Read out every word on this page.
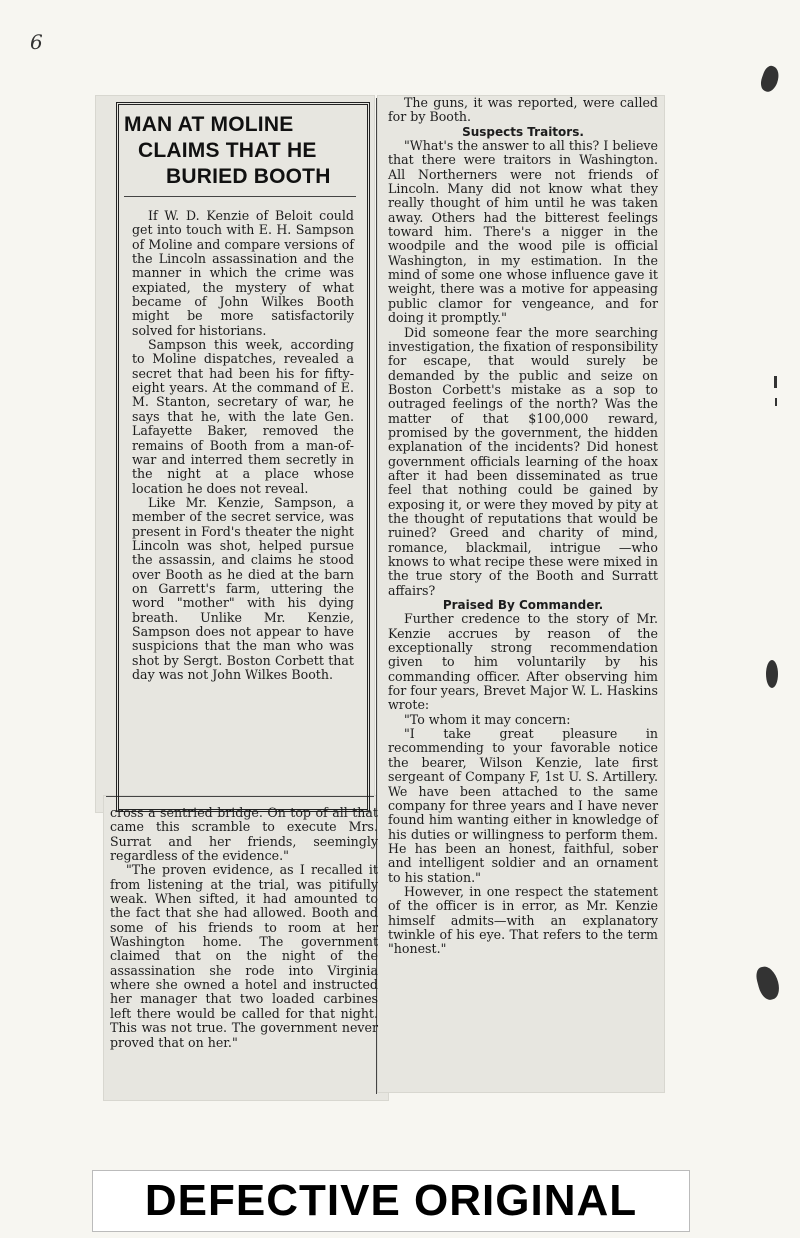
6
MAN AT MOLINE
CLAIMS THAT HE
BURIED BOOTH

If W. D. Kenzie of Beloit could get into touch with E. H. Sampson of Moline and compare versions of the Lincoln assassination and the manner in which the crime was expiated, the mystery of what became of John Wilkes Booth might be more satisfactorily solved for historians.

Sampson this week, according to Moline dispatches, revealed a secret that had been his for fifty-eight years. At the command of E. M. Stanton, secretary of war, he says that he, with the late Gen. Lafayette Baker, removed the remains of Booth from a man-of-war and interred them secretly in the night at a place whose location he does not reveal.

Like Mr. Kenzie, Sampson, a member of the secret service, was present in Ford's theater the night Lincoln was shot, helped pursue the assassin, and claims he stood over Booth as he died at the barn on Garrett's farm, uttering the word "mother" with his dying breath. Unlike Mr. Kenzie, Sampson does not appear to have suspicions that the man who was shot by Sergt. Boston Corbett that day was not John Wilkes Booth.

cross a sentried bridge. On top of all that came this scramble to execute Mrs. Surrat and her friends, seemingly regardless of the evidence."

"The proven evidence, as I recalled it from listening at the trial, was pitifully weak. When sifted, it had amounted to the fact that she had allowed. Booth and some of his friends to room at her Washington home. The government claimed that on the night of the assassination she rode into Virginia where she owned a hotel and instructed her manager that two loaded carbines left there would be called for that night. This was not true. The government never proved that on her."

The guns, it was reported, were called for by Booth.

Suspects Traitors.

"What's the answer to all this? I believe that there were traitors in Washington. All Northerners were not friends of Lincoln. Many did not know what they really thought of him until he was taken away. Others had the bitterest feelings toward him. There's a nigger in the woodpile and the wood pile is official Washington, in my estimation. In the mind of some one whose influence gave it weight, there was a motive for appeasing public clamor for vengeance, and for doing it promptly."

Did someone fear the more searching investigation, the fixation of responsibility for escape, that would surely be demanded by the public and seize on Boston Corbett's mistake as a sop to outraged feelings of the north? Was the matter of that $100,000 reward, promised by the government, the hidden explanation of the incidents? Did honest government officials learning of the hoax after it had been disseminated as true feel that nothing could be gained by exposing it, or were they moved by pity at the thought of reputations that would be ruined? Greed and charity of mind, romance, blackmail, intrigue —who knows to what recipe these were mixed in the true story of the Booth and Surratt affairs?

Praised By Commander.

Further credence to the story of Mr. Kenzie accrues by reason of the exceptionally strong recommendation given to him voluntarily by his commanding officer. After observing him for four years, Brevet Major W. L. Haskins wrote:

"To whom it may concern:

"I take great pleasure in recommending to your favorable notice the bearer, Wilson Kenzie, late first sergeant of Company F, 1st U. S. Artillery. We have been attached to the same company for three years and I have never found him wanting either in knowledge of his duties or willingness to perform them. He has been an honest, faithful, sober and intelligent soldier and an ornament to his station."

However, in one respect the statement of the officer is in error, as Mr. Kenzie himself admits—with an explanatory twinkle of his eye. That refers to the term "honest."

DEFECTIVE ORIGINAL
